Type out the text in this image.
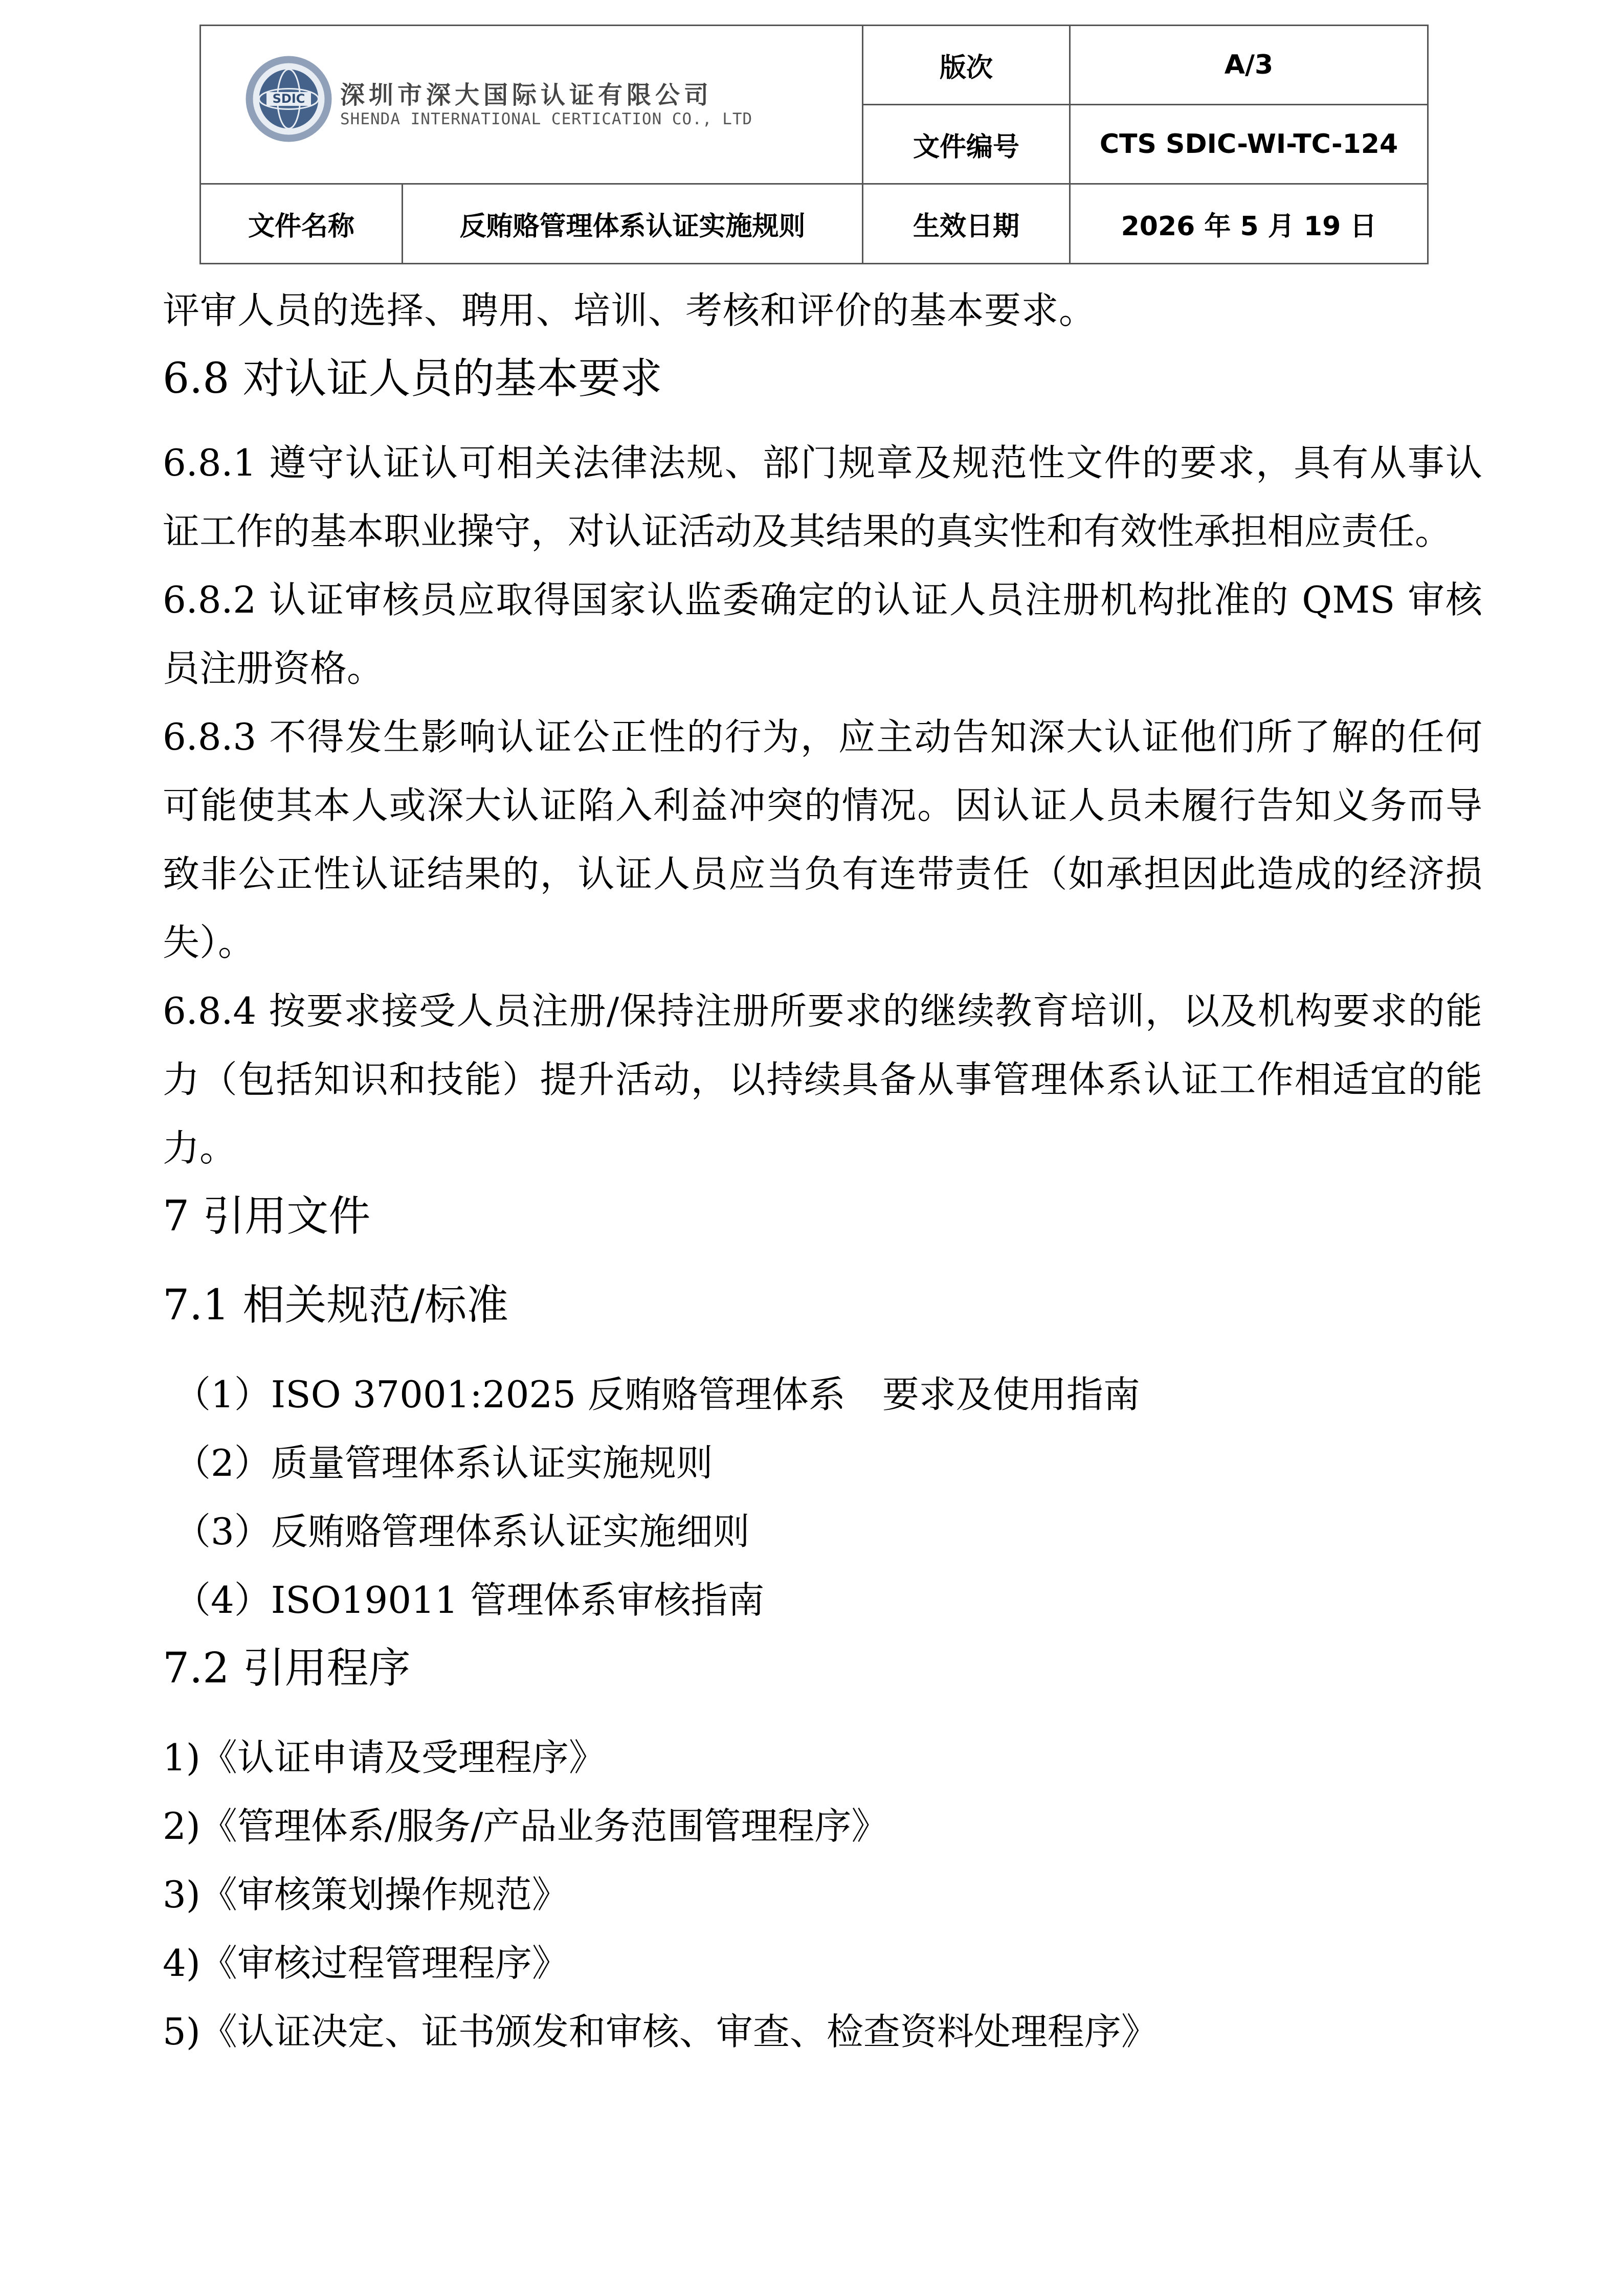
SDIC 深圳市深大国际认证有限公司
SHENDA INTERNATIONAL CERTICATION CO., LTD		版次	A/3
		文件编号	CTS SDIC-WI-TC-124
文件名称	反贿赂管理体系认证实施规则	生效日期	2026 年 5 月 19 日

评审人员的选择、聘用、培训、考核和评价的基本要求。

6.8 对认证人员的基本要求

6.8.1 遵守认证认可相关法律法规、部门规章及规范性文件的要求，具有从事认证工作的基本职业操守，对认证活动及其结果的真实性和有效性承担相应责任。

6.8.2 认证审核员应取得国家认监委确定的认证人员注册机构批准的 QMS 审核员注册资格。

6.8.3 不得发生影响认证公正性的行为，应主动告知深大认证他们所了解的任何可能使其本人或深大认证陷入利益冲突的情况。因认证人员未履行告知义务而导致非公正性认证结果的，认证人员应当负有连带责任（如承担因此造成的经济损失）。

6.8.4 按要求接受人员注册/保持注册所要求的继续教育培训，以及机构要求的能力（包括知识和技能）提升活动，以持续具备从事管理体系认证工作相适宜的能力。

7 引用文件

7.1 相关规范/标准

（1）ISO 37001:2025 反贿赂管理体系　要求及使用指南

（2）质量管理体系认证实施规则

（3）反贿赂管理体系认证实施细则

（4）ISO19011 管理体系审核指南

7.2 引用程序

1)《认证申请及受理程序》

2)《管理体系/服务/产品业务范围管理程序》

3)《审核策划操作规范》

4)《审核过程管理程序》

5)《认证决定、证书颁发和审核、审查、检查资料处理程序》
